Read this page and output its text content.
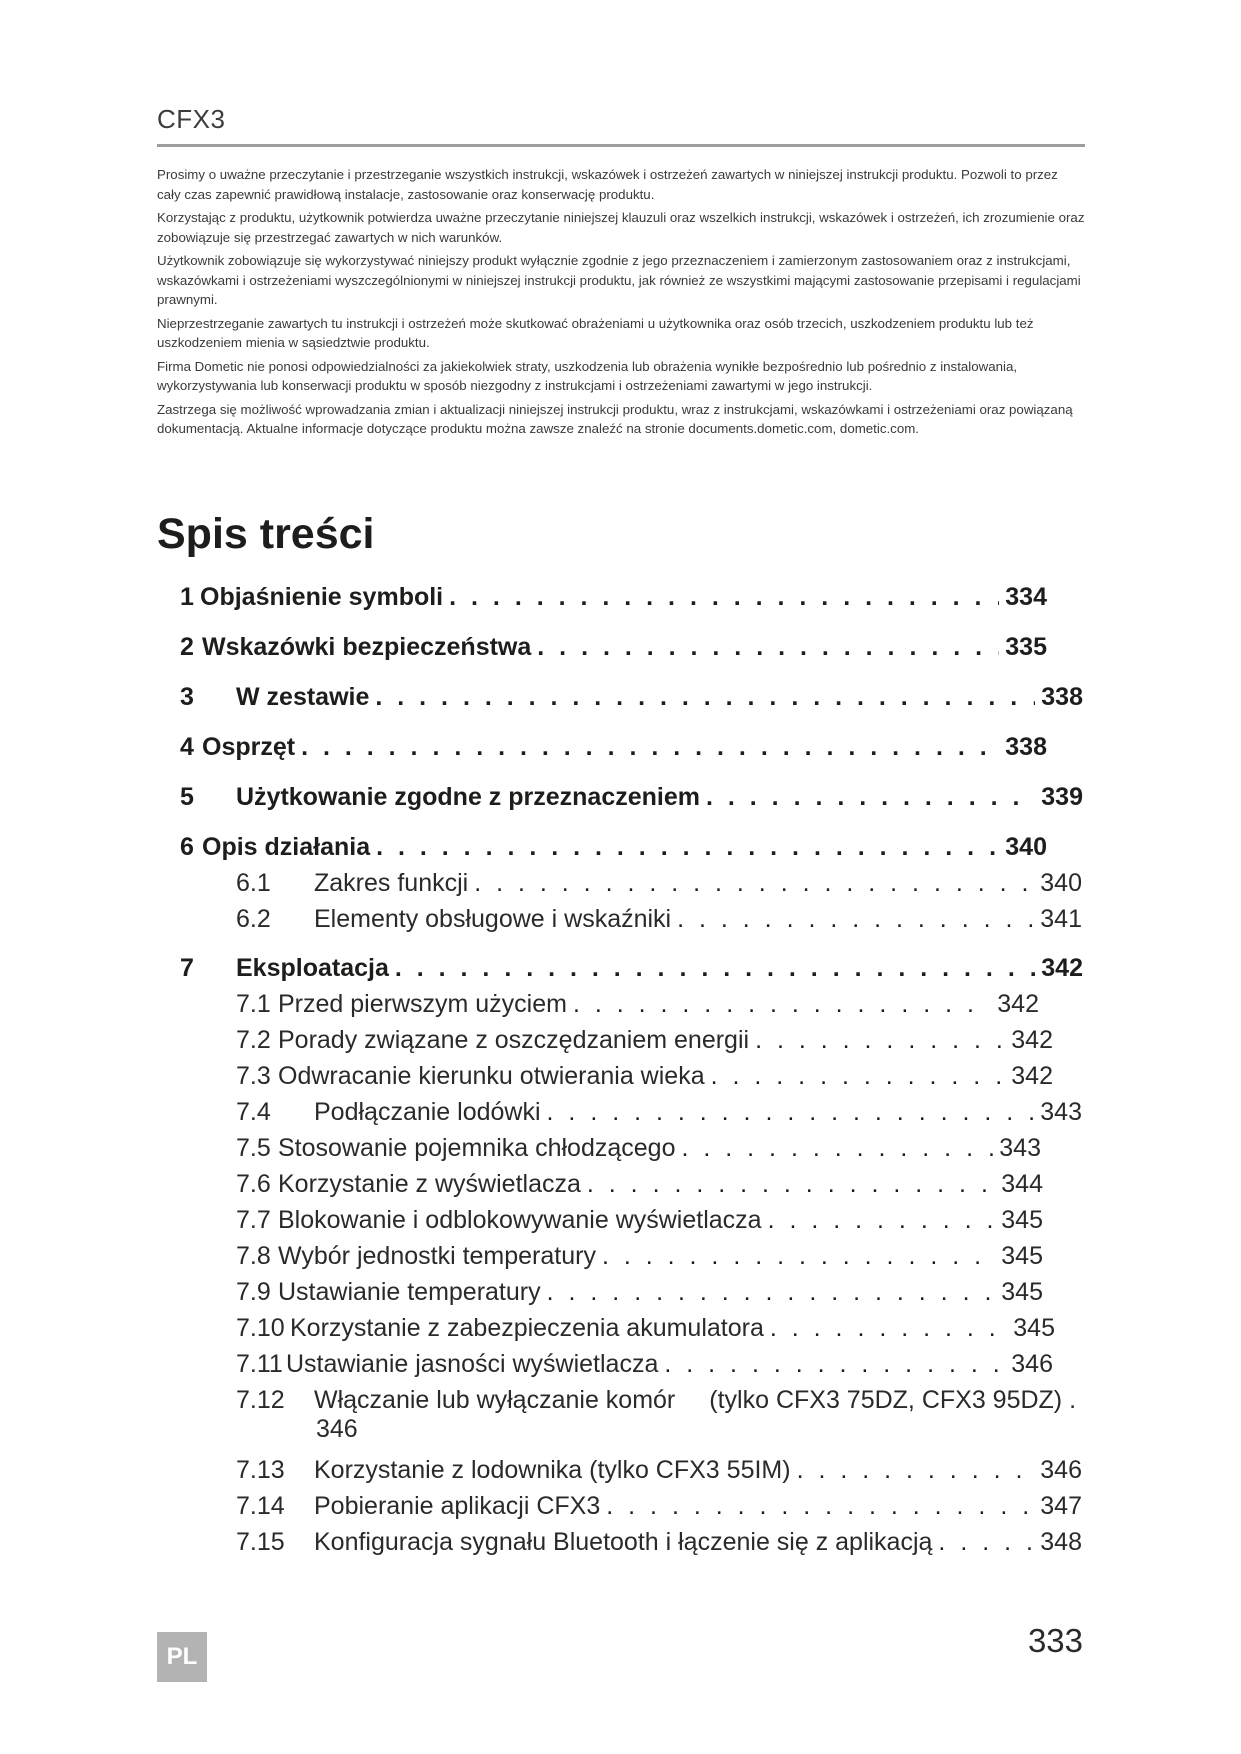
CFX3

Prosimy o uważne przeczytanie i przestrzeganie wszystkich instrukcji, wskazówek i ostrzeżeń zawartych w niniejszej instrukcji produktu. Pozwoli to przez cały czas zapewnić prawidłową instalacje, zastosowanie oraz konserwację produktu.

Korzystając z produktu, użytkownik potwierdza uważne przeczytanie niniejszej klauzuli oraz wszelkich instrukcji, wskazówek i ostrzeżeń, ich zrozumienie oraz zobowiązuje się przestrzegać zawartych w nich warunków.

Użytkownik zobowiązuje się wykorzystywać niniejszy produkt wyłącznie zgodnie z jego przeznaczeniem i zamierzonym zastosowaniem oraz z instrukcjami, wskazówkami i ostrzeżeniami wyszczególnionymi w niniejszej instrukcji produktu, jak również ze wszystkimi mającymi zastosowanie przepisami i regulacjami prawnymi.

Nieprzestrzeganie zawartych tu instrukcji i ostrzeżeń może skutkować obrażeniami u użytkownika oraz osób trzecich, uszkodzeniem produktu lub też uszkodzeniem mienia w sąsiedztwie produktu.

Firma Dometic nie ponosi odpowiedzialności za jakiekolwiek straty, uszkodzenia lub obrażenia wynikłe bezpośrednio lub pośrednio z instalowania, wykorzystywania lub konserwacji produktu w sposób niezgodny z instrukcjami i ostrzeżeniami zawartymi w jego instrukcji.

Zastrzega się możliwość wprowadzania zmian i aktualizacji niniejszej instrukcji produktu, wraz z instrukcjami, wskazówkami i ostrzeżeniami oraz powiązaną dokumentacją. Aktualne informacje dotyczące produktu można zawsze znaleźć na stronie documents.dometic.com, dometic.com.

Spis treści
1 Objaśnienie symboli . . .	334
2 Wskazówki bezpieczeństwa . . .	335
3	W zestawie . . .	338
4 Osprzęt . . .	338
5	Użytkowanie zgodne z przeznaczeniem . . .	339
6 Opis działania . . .	340
6.1	Zakres funkcji . . .	340
6.2	Elementy obsługowe i wskaźniki . . .	341
7	Eksploatacja . . .	342
7.1 Przed pierwszym użyciem . . .	342
7.2 Porady związane z oszczędzaniem energii . . .	342
7.3 Odwracanie kierunku otwierania wieka . . .	342
7.4	Podłączanie lodówki . . .	343
7.5 Stosowanie pojemnika chłodzącego . . .	343
7.6 Korzystanie z wyświetlacza . . .	344
7.7 Blokowanie i odblokowywanie wyświetlacza . . .	345
7.8 Wybór jednostki temperatury . . .	345
7.9 Ustawianie temperatury . . .	345
7.10 Korzystanie z zabezpieczenia akumulatora . . .	345
7.11 Ustawianie jasności wyświetlacza . . .	346
7.12	Włączanie lub wyłączanie komór (tylko CFX3 75DZ, CFX3 95DZ) .
346
7.13	Korzystanie z lodownika (tylko CFX3 55IM) . . .	346
7.14	Pobieranie aplikacji CFX3 . . .	347
7.15	Konfiguracja sygnału Bluetooth i łączenie się z aplikacją . . .	348
PL	333
